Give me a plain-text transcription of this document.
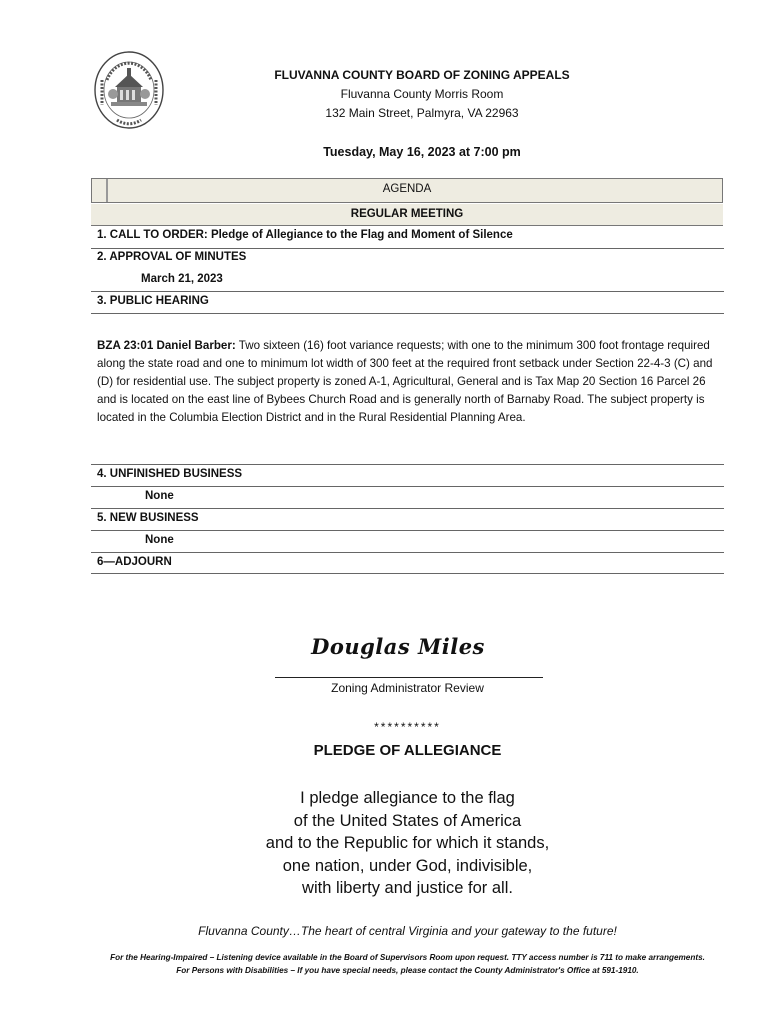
FLUVANNA COUNTY BOARD OF ZONING APPEALS
Fluvanna County Morris Room
132 Main Street, Palmyra, VA 22963
Tuesday, May 16, 2023 at 7:00 pm
AGENDA
REGULAR MEETING
1. CALL TO ORDER: Pledge of Allegiance to the Flag and Moment of Silence
2. APPROVAL OF MINUTES
March 21, 2023
3. PUBLIC HEARING
BZA 23:01 Daniel Barber: Two sixteen (16) foot variance requests; with one to the minimum 300 foot frontage required along the state road and one to minimum lot width of 300 feet at the required front setback under Section 22-4-3 (C) and (D) for residential use. The subject property is zoned A-1, Agricultural, General and is Tax Map 20 Section 16 Parcel 26 and is located on the east line of Bybees Church Road and is generally north of Barnaby Road. The subject property is located in the Columbia Election District and in the Rural Residential Planning Area.
4. UNFINISHED BUSINESS
None
5. NEW BUSINESS
None
6—ADJOURN
Douglas Miles
Zoning Administrator Review
**********
PLEDGE OF ALLEGIANCE
I pledge allegiance to the flag
of the United States of America
and to the Republic for which it stands,
one nation, under God, indivisible,
with liberty and justice for all.
Fluvanna County…The heart of central Virginia and your gateway to the future!
For the Hearing-Impaired – Listening device available in the Board of Supervisors Room upon request. TTY access number is 711 to make arrangements.
For Persons with Disabilities – If you have special needs, please contact the County Administrator's Office at 591-1910.
